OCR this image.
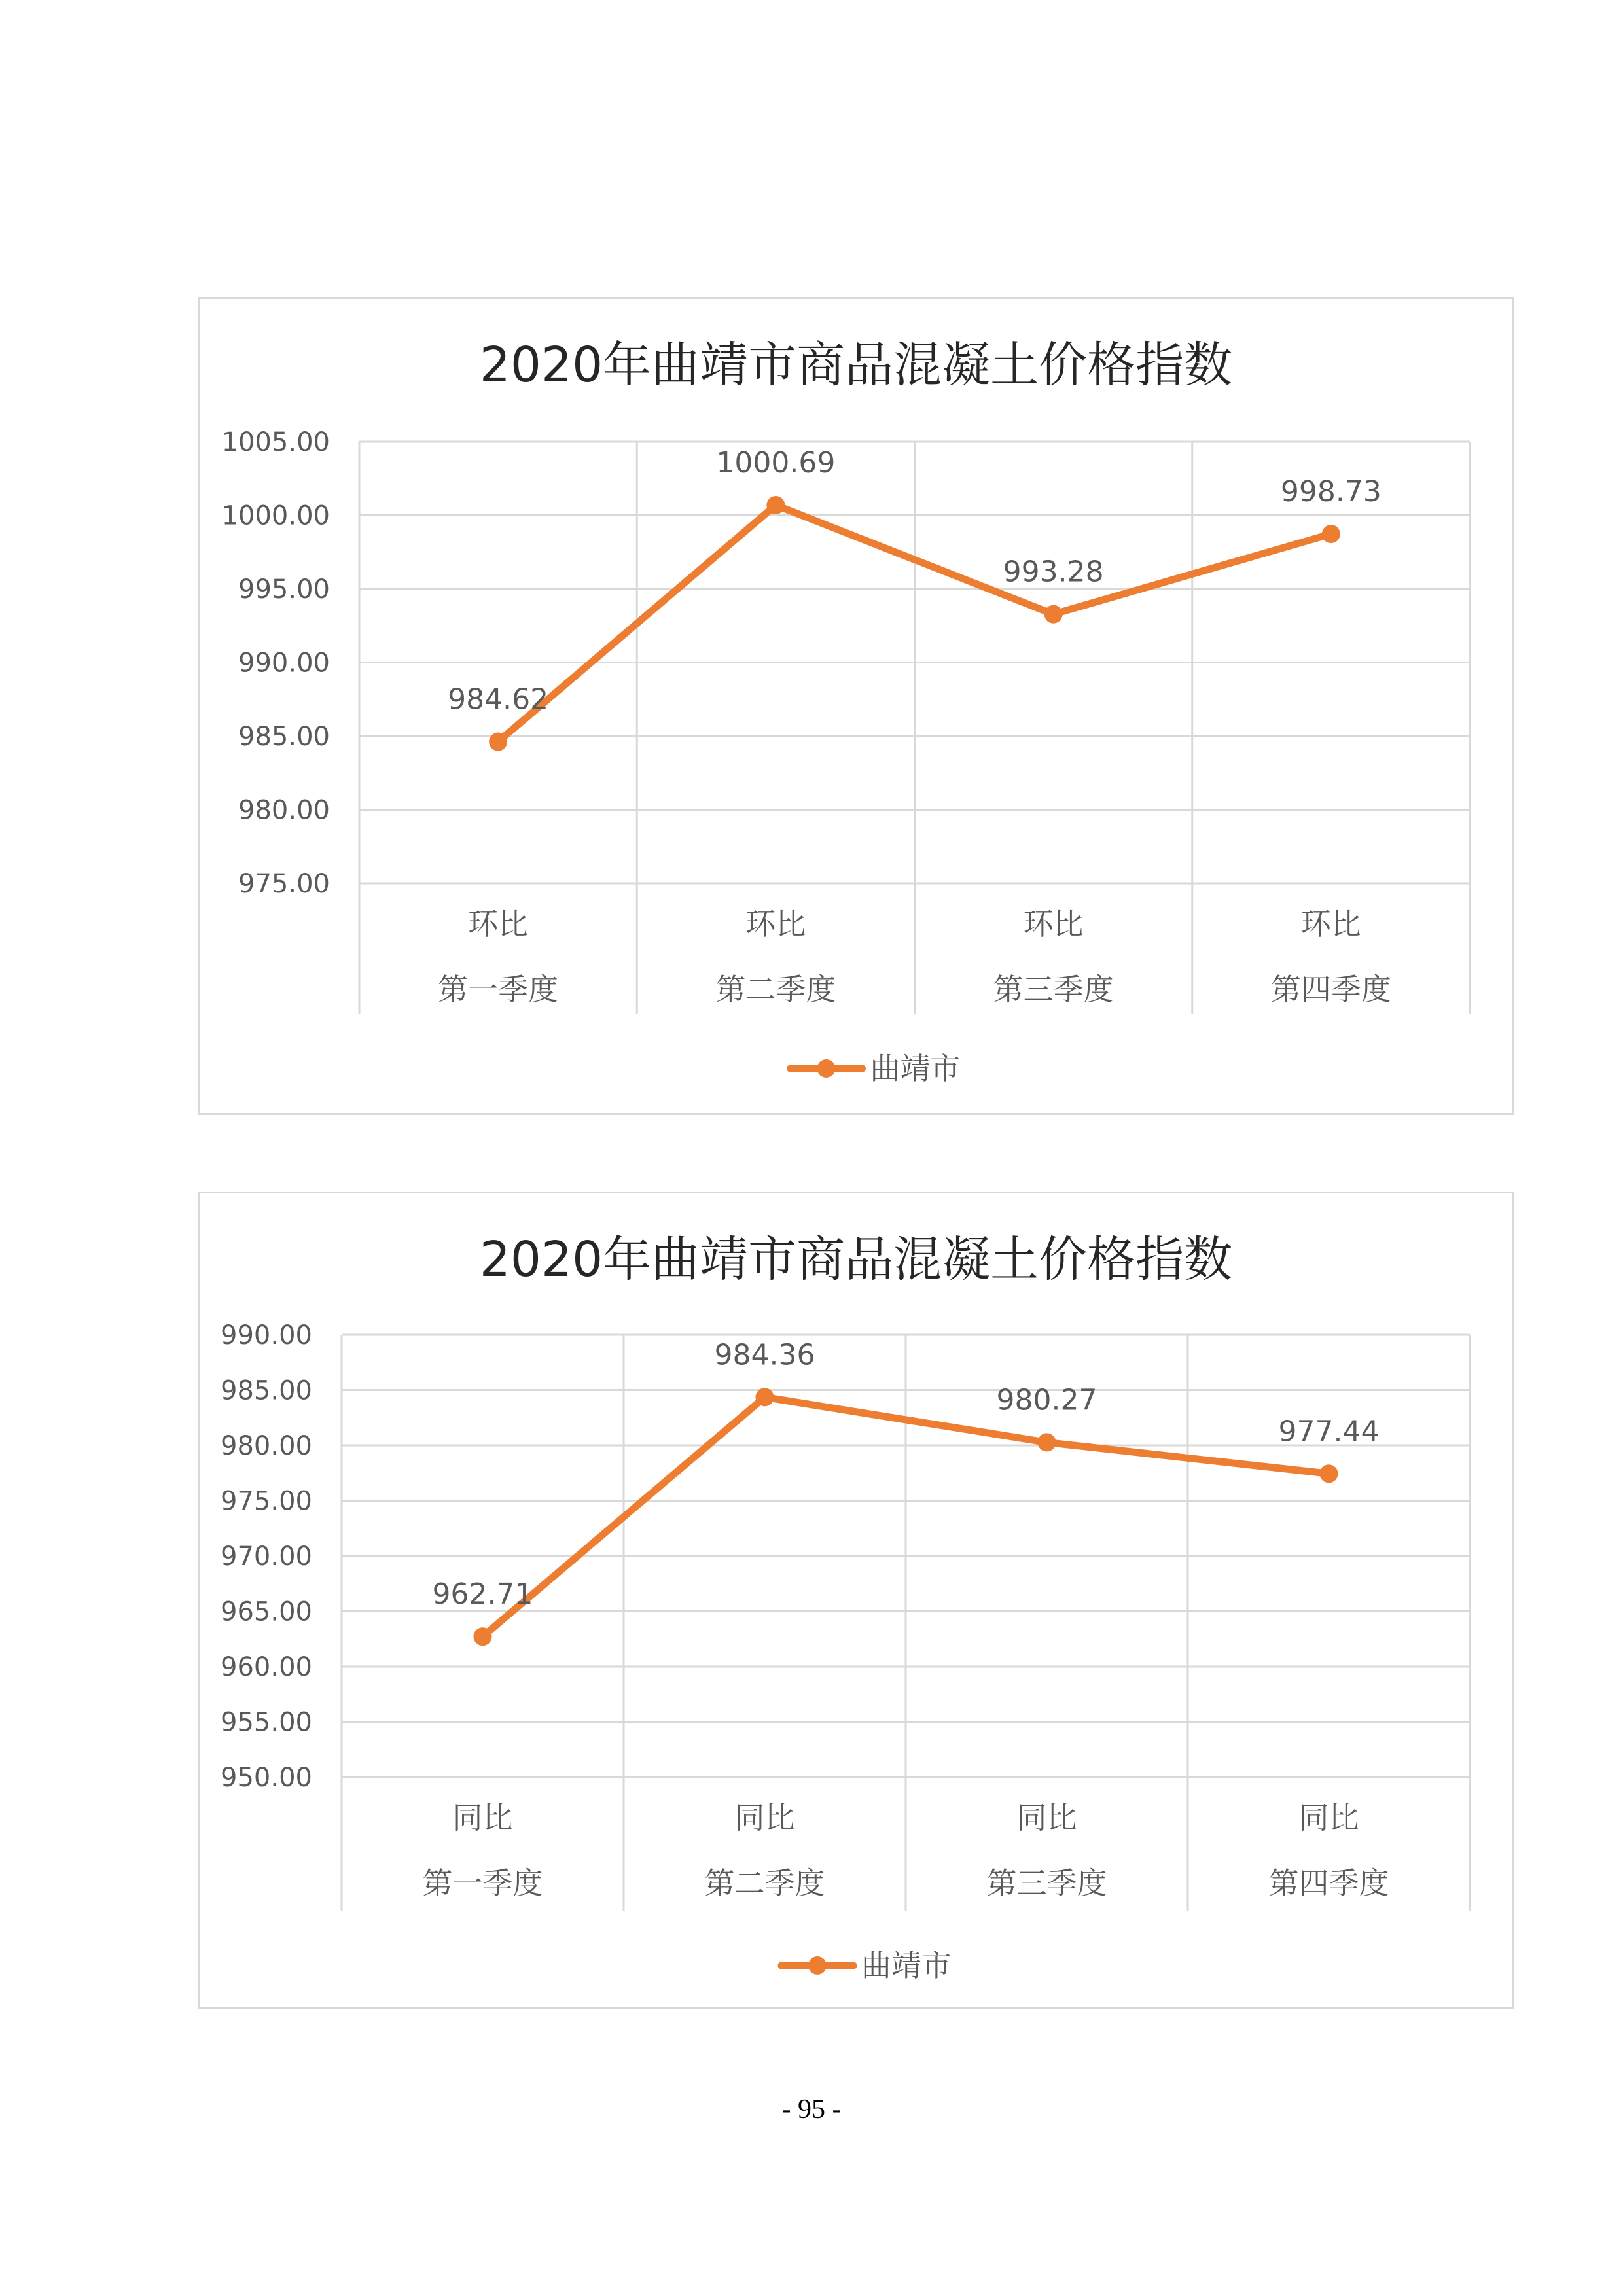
2020年曲靖市商品混凝土价格指数
975.00
980.00
985.00
990.00
995.00
1000.00
1005.00
环比
第一季度
环比
第二季度
环比
第三季度
环比
第四季度
984.62
1000.69
993.28
998.73
曲靖市
2020年曲靖市商品混凝土价格指数
950.00
955.00
960.00
965.00
970.00
975.00
980.00
985.00
990.00
同比
第一季度
同比
第二季度
同比
第三季度
同比
第四季度
962.71
984.36
980.27
977.44
曲靖市
- 95 -
